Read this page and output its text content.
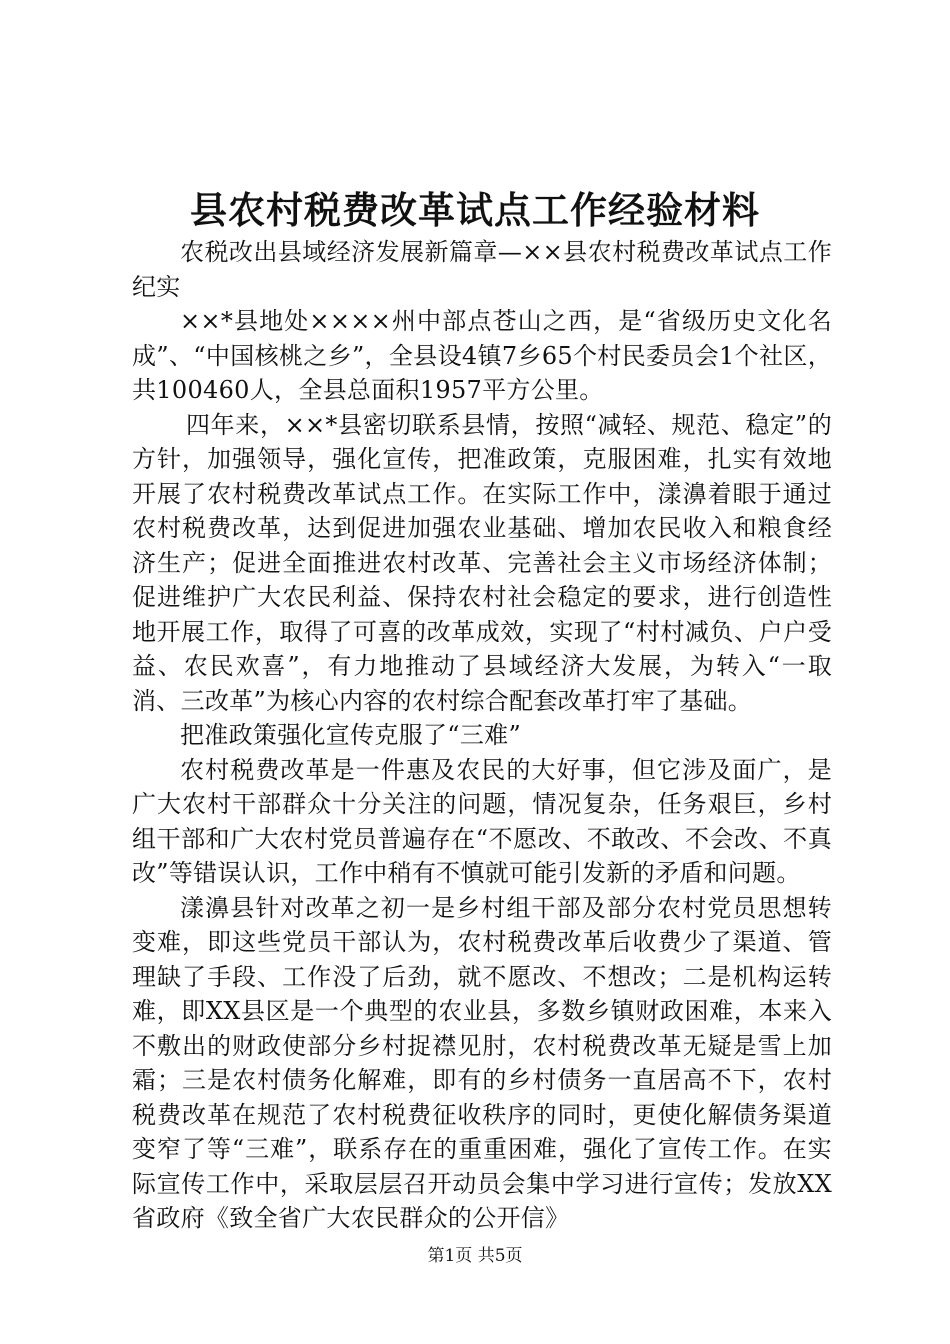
县农村税费改革试点工作经验材料

农税改出县域经济发展新篇章—××县农村税费改革试点工作纪实

××*县地处××××州中部点苍山之西，是“省级历史文化名成”、“中国核桃之乡”，全县设4镇7乡65个村民委员会1个社区，共100460人，全县总面积1957平方公里。

四年来，××*县密切联系县情，按照“减轻、规范、稳定”的方针，加强领导，强化宣传，把准政策，克服困难，扎实有效地开展了农村税费改革试点工作。在实际工作中，漾濞着眼于通过农村税费改革，达到促进加强农业基础、增加农民收入和粮食经济生产；促进全面推进农村改革、完善社会主义市场经济体制；促进维护广大农民利益、保持农村社会稳定的要求，进行创造性地开展工作，取得了可喜的改革成效，实现了“村村减负、户户受益、农民欢喜”，有力地推动了县域经济大发展，为转入“一取消、三改革”为核心内容的农村综合配套改革打牢了基础。

把准政策强化宣传克服了“三难”

农村税费改革是一件惠及农民的大好事，但它涉及面广，是广大农村干部群众十分关注的问题，情况复杂，任务艰巨，乡村组干部和广大农村党员普遍存在“不愿改、不敢改、不会改、不真改”等错误认识，工作中稍有不慎就可能引发新的矛盾和问题。

漾濞县针对改革之初一是乡村组干部及部分农村党员思想转变难，即这些党员干部认为，农村税费改革后收费少了渠道、管理缺了手段、工作没了后劲，就不愿改、不想改；二是机构运转难，即XX县区是一个典型的农业县，多数乡镇财政困难，本来入不敷出的财政使部分乡村捉襟见肘，农村税费改革无疑是雪上加霜；三是农村债务化解难，即有的乡村债务一直居高不下，农村税费改革在规范了农村税费征收秩序的同时，更使化解债务渠道变窄了等“三难”，联系存在的重重困难，强化了宣传工作。在实际宣传工作中，采取层层召开动员会集中学习进行宣传；发放XX省政府《致全省广大农民群众的公开信》

第1页 共5页
